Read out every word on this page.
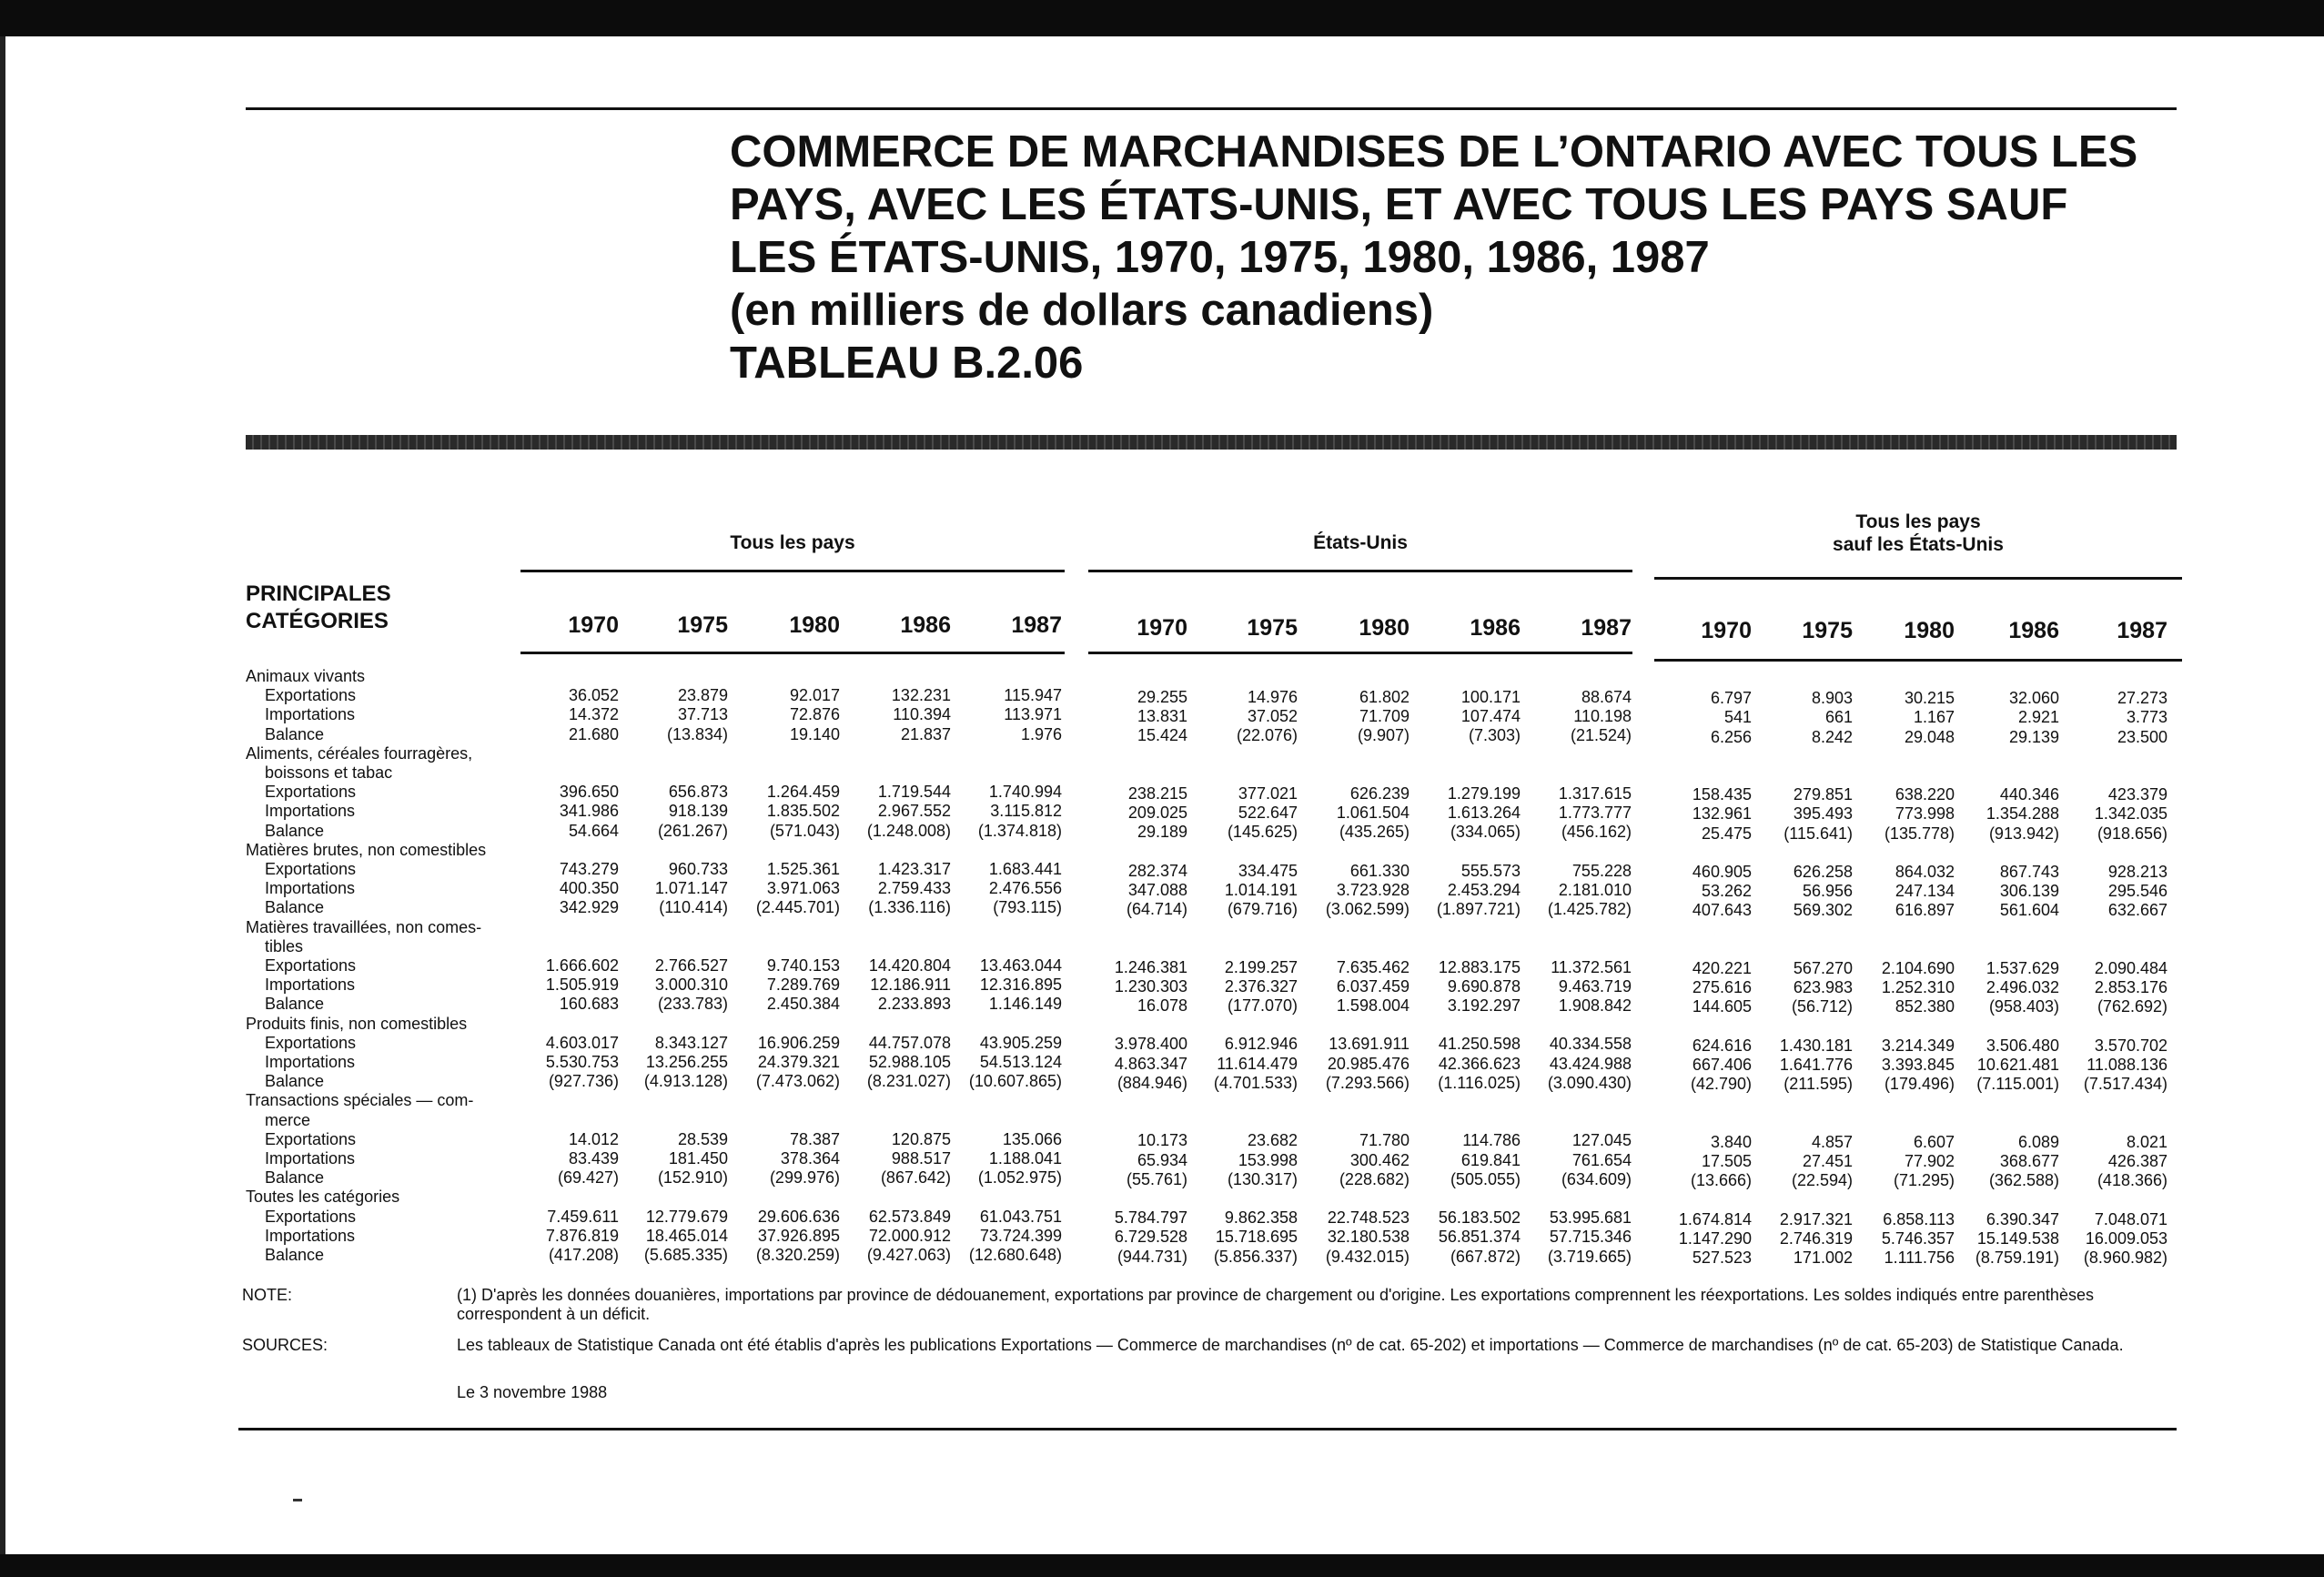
COMMERCE DE MARCHANDISES DE L’ONTARIO AVEC TOUS LES
PAYS, AVEC LES ÉTATS-UNIS, ET AVEC TOUS LES PAYS SAUF
LES ÉTATS-UNIS, 1970, 1975, 1980, 1986, 1987
(en milliers de dollars canadiens)
TABLEAU B.2.06
PRINCIPALES
CATÉGORIES
Tous les pays	États-Unis
Tous les pays
sauf les États-Unis
1970	1975	1980	1986	1987	1970	1975	1980	1986	1987	1970	1975	1980	1986	1987
Animaux vivants
Exportations	36.052	23.879	92.017	132.231	115.947	29.255	14.976	61.802	100.171	88.674	6.797	8.903	30.215	32.060	27.273
Importations	14.372	37.713	72.876	110.394	113.971	13.831	37.052	71.709	107.474	110.198	541	661	1.167	2.921	3.773
Balance	21.680	(13.834)	19.140	21.837	1.976	15.424	(22.076)	(9.907)	(7.303)	(21.524)	6.256	8.242	29.048	29.139	23.500
Aliments, céréales fourragères,
boissons et tabac
Exportations	396.650	656.873	1.264.459	1.719.544	1.740.994	238.215	377.021	626.239	1.279.199	1.317.615	158.435	279.851	638.220	440.346	423.379
Importations	341.986	918.139	1.835.502	2.967.552	3.115.812	209.025	522.647	1.061.504	1.613.264	1.773.777	132.961	395.493	773.998	1.354.288	1.342.035
Balance	54.664	(261.267)	(571.043)	(1.248.008)	(1.374.818)	29.189	(145.625)	(435.265)	(334.065)	(456.162)	25.475	(115.641)	(135.778)	(913.942)	(918.656)
Matières brutes, non comestibles
Exportations	743.279	960.733	1.525.361	1.423.317	1.683.441	282.374	334.475	661.330	555.573	755.228	460.905	626.258	864.032	867.743	928.213
Importations	400.350	1.071.147	3.971.063	2.759.433	2.476.556	347.088	1.014.191	3.723.928	2.453.294	2.181.010	53.262	56.956	247.134	306.139	295.546
Balance	342.929	(110.414)	(2.445.701)	(1.336.116)	(793.115)	(64.714)	(679.716)	(3.062.599)	(1.897.721)	(1.425.782)	407.643	569.302	616.897	561.604	632.667
Matières travaillées, non comes-
tibles
Exportations	1.666.602	2.766.527	9.740.153	14.420.804	13.463.044	1.246.381	2.199.257	7.635.462	12.883.175	11.372.561	420.221	567.270	2.104.690	1.537.629	2.090.484
Importations	1.505.919	3.000.310	7.289.769	12.186.911	12.316.895	1.230.303	2.376.327	6.037.459	9.690.878	9.463.719	275.616	623.983	1.252.310	2.496.032	2.853.176
Balance	160.683	(233.783)	2.450.384	2.233.893	1.146.149	16.078	(177.070)	1.598.004	3.192.297	1.908.842	144.605	(56.712)	852.380	(958.403)	(762.692)
Produits finis, non comestibles
Exportations	4.603.017	8.343.127	16.906.259	44.757.078	43.905.259	3.978.400	6.912.946	13.691.911	41.250.598	40.334.558	624.616	1.430.181	3.214.349	3.506.480	3.570.702
Importations	5.530.753	13.256.255	24.379.321	52.988.105	54.513.124	4.863.347	11.614.479	20.985.476	42.366.623	43.424.988	667.406	1.641.776	3.393.845	10.621.481	11.088.136
Balance	(927.736)	(4.913.128)	(7.473.062)	(8.231.027)	(10.607.865)	(884.946)	(4.701.533)	(7.293.566)	(1.116.025)	(3.090.430)	(42.790)	(211.595)	(179.496)	(7.115.001)	(7.517.434)
Transactions spéciales — com-
merce
Exportations	14.012	28.539	78.387	120.875	135.066	10.173	23.682	71.780	114.786	127.045	3.840	4.857	6.607	6.089	8.021
Importations	83.439	181.450	378.364	988.517	1.188.041	65.934	153.998	300.462	619.841	761.654	17.505	27.451	77.902	368.677	426.387
Balance	(69.427)	(152.910)	(299.976)	(867.642)	(1.052.975)	(55.761)	(130.317)	(228.682)	(505.055)	(634.609)	(13.666)	(22.594)	(71.295)	(362.588)	(418.366)
Toutes les catégories
Exportations	7.459.611	12.779.679	29.606.636	62.573.849	61.043.751	5.784.797	9.862.358	22.748.523	56.183.502	53.995.681	1.674.814	2.917.321	6.858.113	6.390.347	7.048.071
Importations	7.876.819	18.465.014	37.926.895	72.000.912	73.724.399	6.729.528	15.718.695	32.180.538	56.851.374	57.715.346	1.147.290	2.746.319	5.746.357	15.149.538	16.009.053
Balance	(417.208)	(5.685.335)	(8.320.259)	(9.427.063)	(12.680.648)	(944.731)	(5.856.337)	(9.432.015)	(667.872)	(3.719.665)	527.523	171.002	1.111.756	(8.759.191)	(8.960.982)
NOTE:	(1) D'après les données douanières, importations par province de dédouanement, exportations par province de chargement ou d'origine. Les exportations comprennent les réexportations. Les soldes indiqués entre parenthèses correspondent à un déficit.
SOURCES:	Les tableaux de Statistique Canada ont été établis d'après les publications Exportations — Commerce de marchandises (nº de cat. 65-202) et importations — Commerce de marchandises (nº de cat. 65-203) de Statistique Canada.
Le 3 novembre 1988
